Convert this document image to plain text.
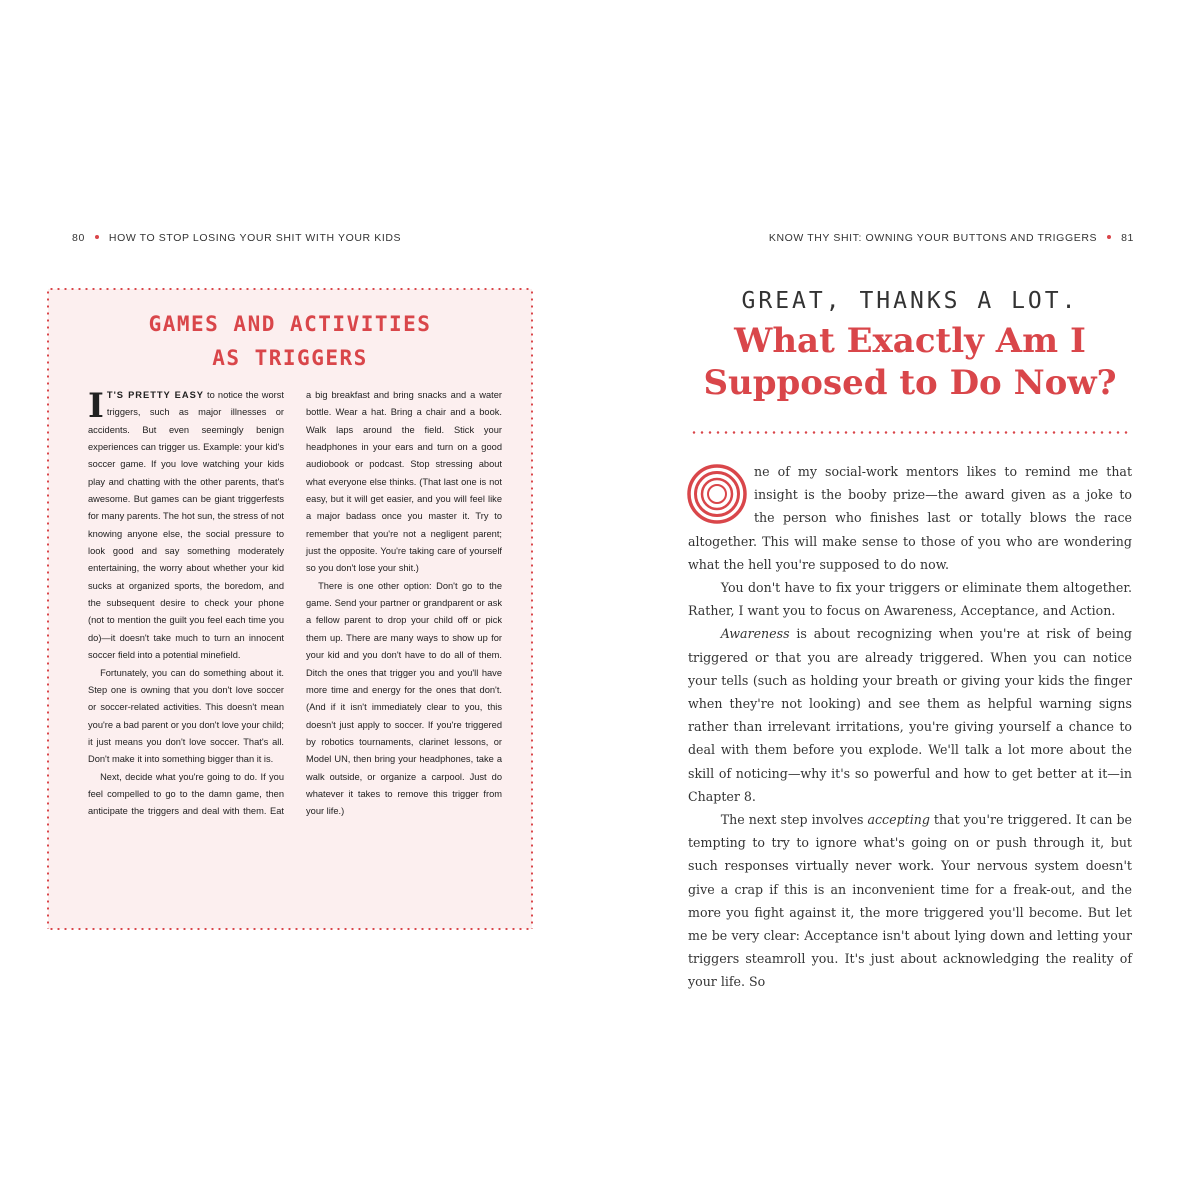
80 HOW TO STOP LOSING YOUR SHIT WITH YOUR KIDS
GAMES AND ACTIVITIES
AS TRIGGERS

I T'S PRETTY EASY to notice the worst triggers, such as major illnesses or accidents. But even seemingly benign experiences can trigger us. Example: your kid's soccer game. If you love watching your kids play and chatting with the other parents, that's awesome. But games can be giant triggerfests for many parents. The hot sun, the stress of not knowing anyone else, the social pressure to look good and say something moderately entertaining, the worry about whether your kid sucks at organized sports, the boredom, and the subsequent desire to check your phone (not to mention the guilt you feel each time you do)—it doesn't take much to turn an innocent soccer field into a potential minefield.

Fortunately, you can do something about it. Step one is owning that you don't love soccer or soccer-related activities. This doesn't mean you're a bad parent or you don't love your child; it just means you don't love soccer. That's all. Don't make it into something bigger than it is.

Next, decide what you're going to do. If you feel compelled to go to the damn game, then anticipate the triggers and deal with them. Eat a big breakfast and bring snacks and a water bottle. Wear a hat. Bring a chair and a book. Walk laps around the field. Stick your headphones in your ears and turn on a good audiobook or podcast. Stop stressing about what everyone else thinks. (That last one is not easy, but it will get easier, and you will feel like a major badass once you master it. Try to remember that you're not a negligent parent; just the opposite. You're taking care of yourself so you don't lose your shit.)

There is one other option: Don't go to the game. Send your partner or grandparent or ask a fellow parent to drop your child off or pick them up. There are many ways to show up for your kid and you don't have to do all of them. Ditch the ones that trigger you and you'll have more time and energy for the ones that don't. (And if it isn't immediately clear to you, this doesn't just apply to soccer. If you're triggered by robotics tournaments, clarinet lessons, or Model UN, then bring your headphones, take a walk outside, or organize a carpool. Just do whatever it takes to remove this trigger from your life.)

KNOW THY SHIT: OWNING YOUR BUTTONS AND TRIGGERS 81
GREAT, THANKS A LOT.
What Exactly Am I
Supposed to Do Now?

ne of my social-work mentors likes to remind me that insight is the booby prize—the award given as a joke to the person who finishes last or totally blows the race altogether. This will make sense to those of you who are wondering what the hell you're supposed to do now.

You don't have to fix your triggers or eliminate them altogether. Rather, I want you to focus on Awareness, Acceptance, and Action.

Awareness is about recognizing when you're at risk of being triggered or that you are already triggered. When you can notice your tells (such as holding your breath or giving your kids the finger when they're not looking) and see them as helpful warning signs rather than irrelevant irritations, you're giving yourself a chance to deal with them before you explode. We'll talk a lot more about the skill of noticing—why it's so powerful and how to get better at it—in Chapter 8.

The next step involves accepting that you're triggered. It can be tempting to try to ignore what's going on or push through it, but such responses virtually never work. Your nervous system doesn't give a crap if this is an inconvenient time for a freak-out, and the more you fight against it, the more triggered you'll become. But let me be very clear: Acceptance isn't about lying down and letting your triggers steamroll you. It's just about acknowledging the reality of your life. So
